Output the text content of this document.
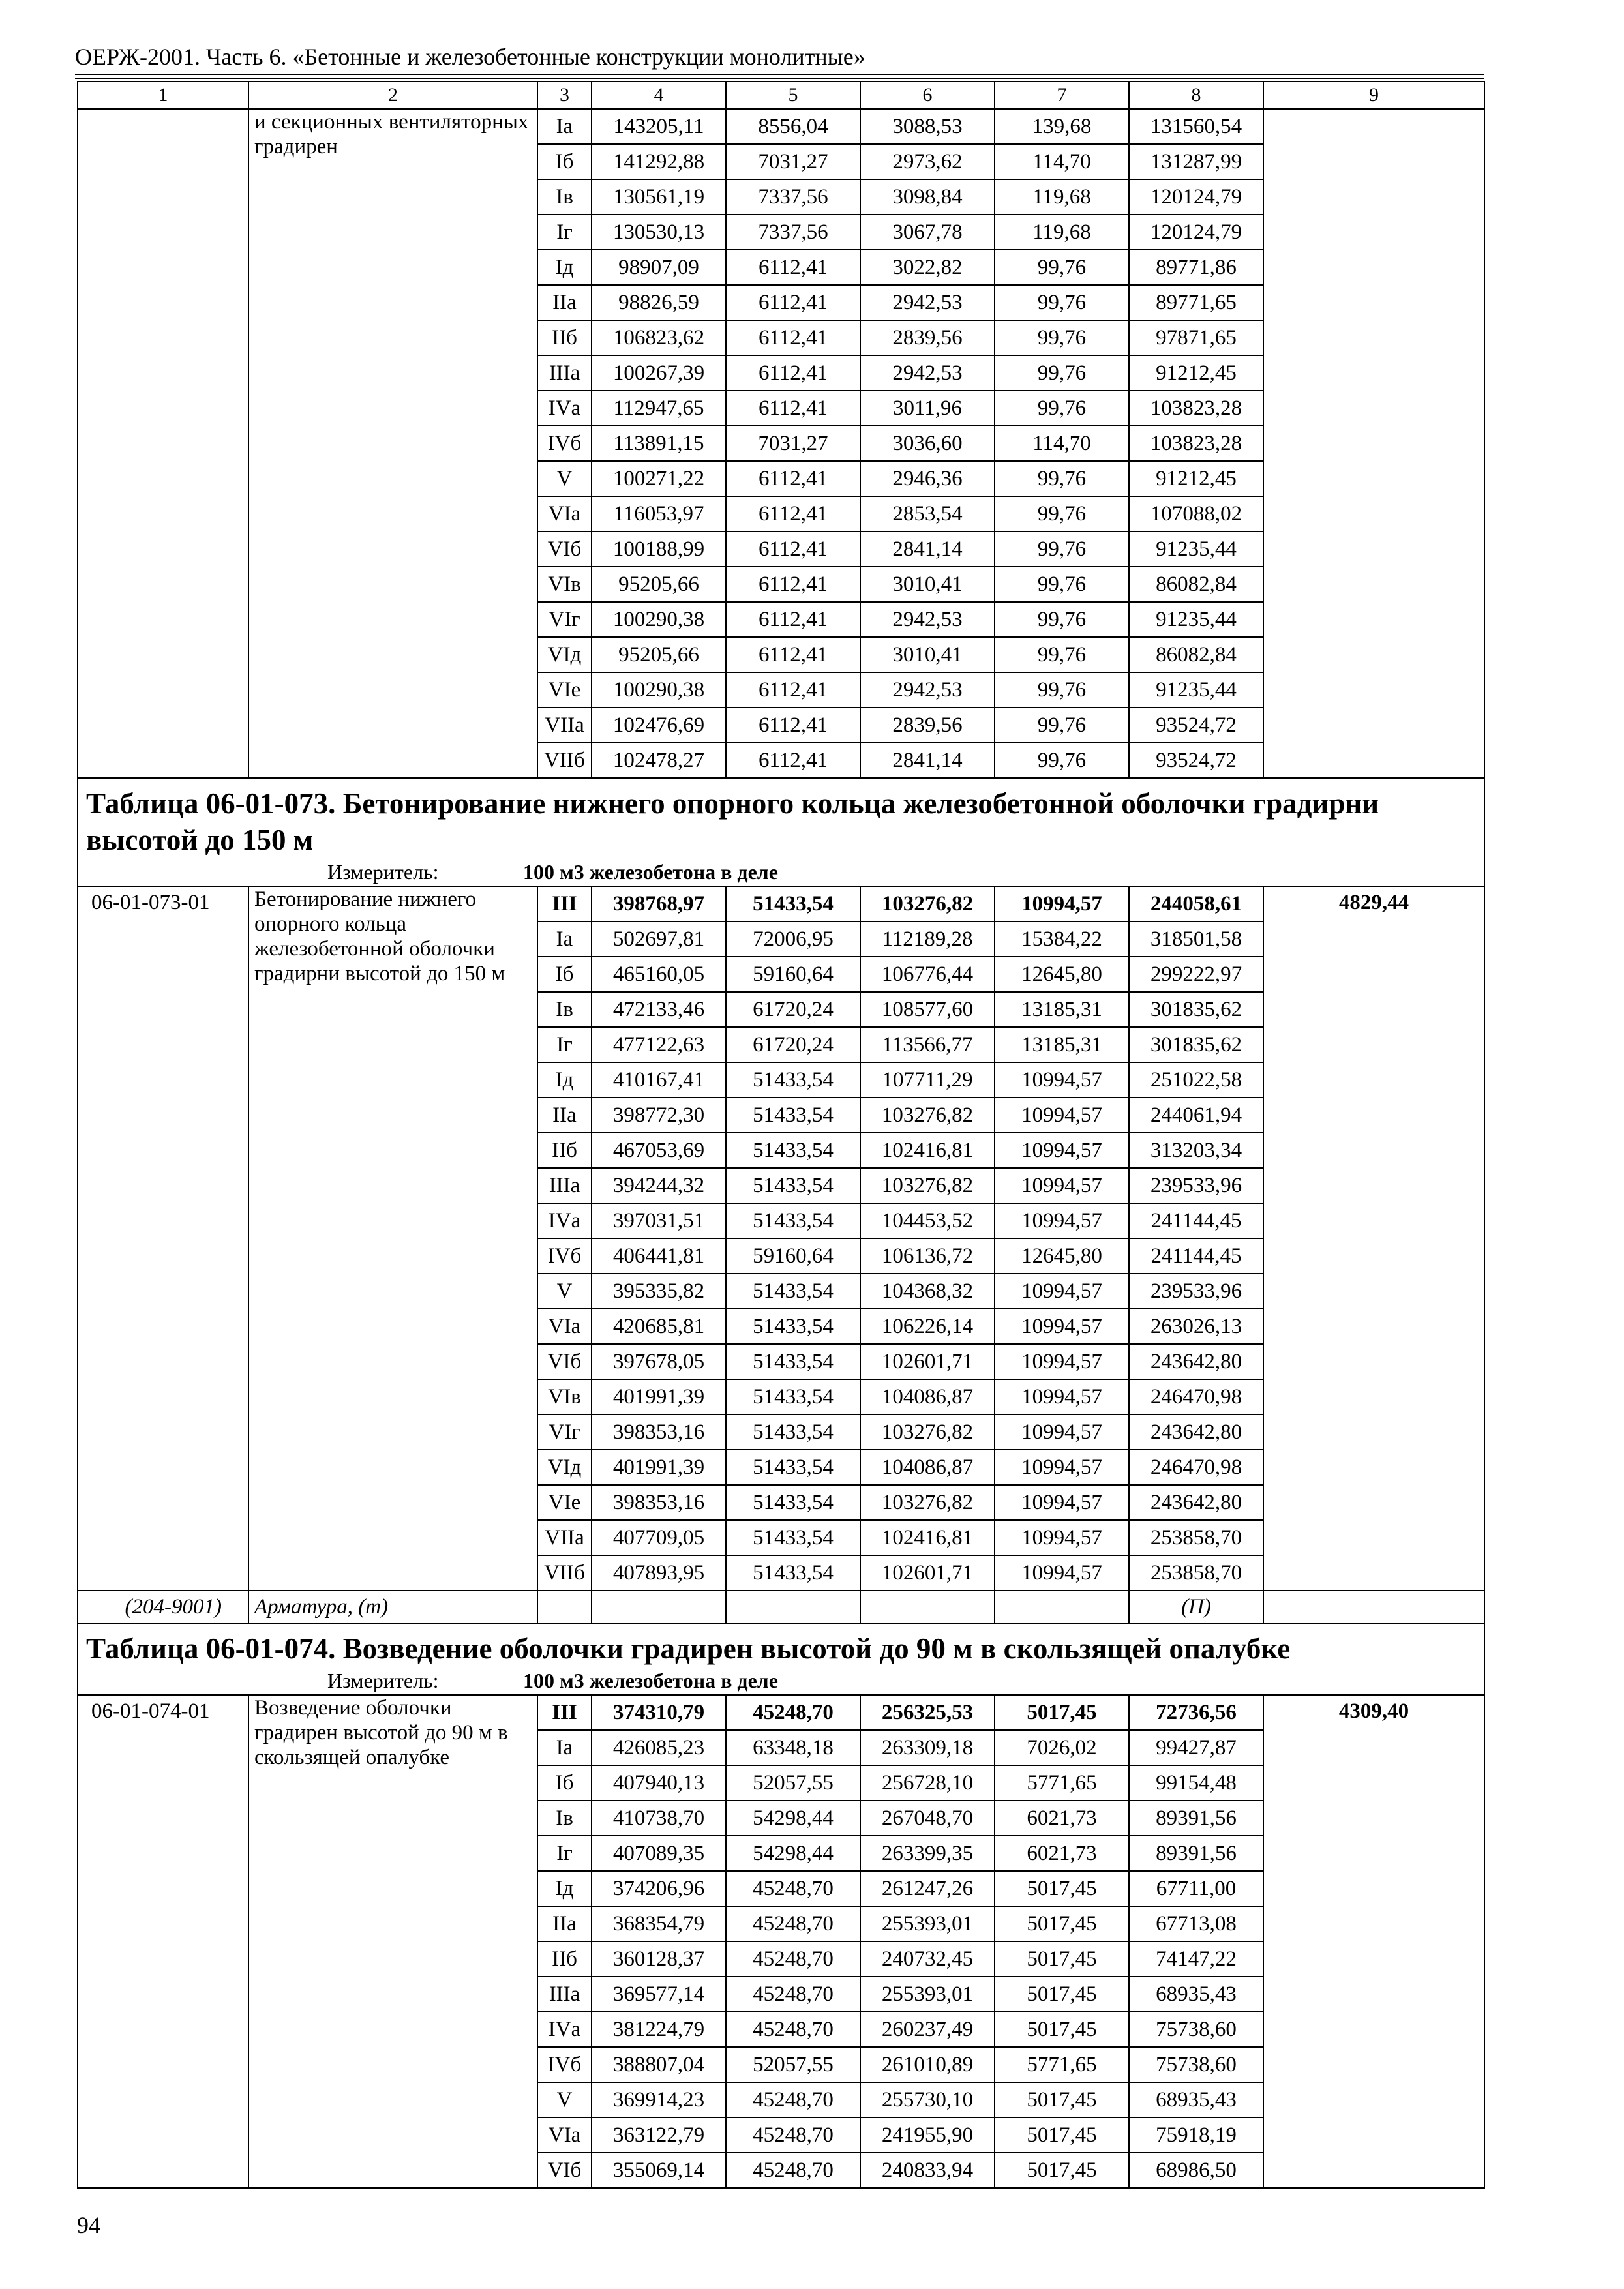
ОЕРЖ-2001. Часть 6. «Бетонные и железобетонные конструкции монолитные»
1	2	3	4	5	6	7	8	9
	и секционных вентиляторных градирен	Iа	143205,11	8556,04	3088,53	139,68	131560,54	
		Iб	141292,88	7031,27	2973,62	114,70	131287,99	
		Iв	130561,19	7337,56	3098,84	119,68	120124,79	
		Iг	130530,13	7337,56	3067,78	119,68	120124,79	
		Iд	98907,09	6112,41	3022,82	99,76	89771,86	
		IIа	98826,59	6112,41	2942,53	99,76	89771,65	
		IIб	106823,62	6112,41	2839,56	99,76	97871,65	
		IIIа	100267,39	6112,41	2942,53	99,76	91212,45	
		IVа	112947,65	6112,41	3011,96	99,76	103823,28	
		IVб	113891,15	7031,27	3036,60	114,70	103823,28	
		V	100271,22	6112,41	2946,36	99,76	91212,45	
		VIа	116053,97	6112,41	2853,54	99,76	107088,02	
		VIб	100188,99	6112,41	2841,14	99,76	91235,44	
		VIв	95205,66	6112,41	3010,41	99,76	86082,84	
		VIг	100290,38	6112,41	2942,53	99,76	91235,44	
		VIд	95205,66	6112,41	3010,41	99,76	86082,84	
		VIе	100290,38	6112,41	2942,53	99,76	91235,44	
		VIIа	102476,69	6112,41	2839,56	99,76	93524,72	
		VIIб	102478,27	6112,41	2841,14	99,76	93524,72	

Таблица 06-01-073. Бетонирование нижнего опорного кольца железобетонной оболочки градирни высотой до 150 м
Измеритель: 100 м3 железобетона в деле								

06-01-073-01	Бетонирование нижнего опорного кольца железобетонной оболочки градирни высотой до 150 м	III	398768,97	51433,54	103276,82	10994,57	244058,61	4829,44
		Iа	502697,81	72006,95	112189,28	15384,22	318501,58	
		Iб	465160,05	59160,64	106776,44	12645,80	299222,97	
		Iв	472133,46	61720,24	108577,60	13185,31	301835,62	
		Iг	477122,63	61720,24	113566,77	13185,31	301835,62	
		Iд	410167,41	51433,54	107711,29	10994,57	251022,58	
		IIа	398772,30	51433,54	103276,82	10994,57	244061,94	
		IIб	467053,69	51433,54	102416,81	10994,57	313203,34	
		IIIа	394244,32	51433,54	103276,82	10994,57	239533,96	
		IVа	397031,51	51433,54	104453,52	10994,57	241144,45	
		IVб	406441,81	59160,64	106136,72	12645,80	241144,45	
		V	395335,82	51433,54	104368,32	10994,57	239533,96	
		VIа	420685,81	51433,54	106226,14	10994,57	263026,13	
		VIб	397678,05	51433,54	102601,71	10994,57	243642,80	
		VIв	401991,39	51433,54	104086,87	10994,57	246470,98	
		VIг	398353,16	51433,54	103276,82	10994,57	243642,80	
		VIд	401991,39	51433,54	104086,87	10994,57	246470,98	
		VIе	398353,16	51433,54	103276,82	10994,57	243642,80	
		VIIа	407709,05	51433,54	102416,81	10994,57	253858,70	
		VIIб	407893,95	51433,54	102601,71	10994,57	253858,70	
(204-9001)	Арматура, (т)						(П)	

Таблица 06-01-074. Возведение оболочки градирен высотой до 90 м в скользящей опалубке
Измеритель: 100 м3 железобетона в деле								

06-01-074-01	Возведение оболочки градирен высотой до 90 м в скользящей опалубке	III	374310,79	45248,70	256325,53	5017,45	72736,56	4309,40
		Iа	426085,23	63348,18	263309,18	7026,02	99427,87	
		Iб	407940,13	52057,55	256728,10	5771,65	99154,48	
		Iв	410738,70	54298,44	267048,70	6021,73	89391,56	
		Iг	407089,35	54298,44	263399,35	6021,73	89391,56	
		Iд	374206,96	45248,70	261247,26	5017,45	67711,00	
		IIа	368354,79	45248,70	255393,01	5017,45	67713,08	
		IIб	360128,37	45248,70	240732,45	5017,45	74147,22	
		IIIа	369577,14	45248,70	255393,01	5017,45	68935,43	
		IVа	381224,79	45248,70	260237,49	5017,45	75738,60	
		IVб	388807,04	52057,55	261010,89	5771,65	75738,60	
		V	369914,23	45248,70	255730,10	5017,45	68935,43	
		VIа	363122,79	45248,70	241955,90	5017,45	75918,19	
		VIб	355069,14	45248,70	240833,94	5017,45	68986,50	
94
